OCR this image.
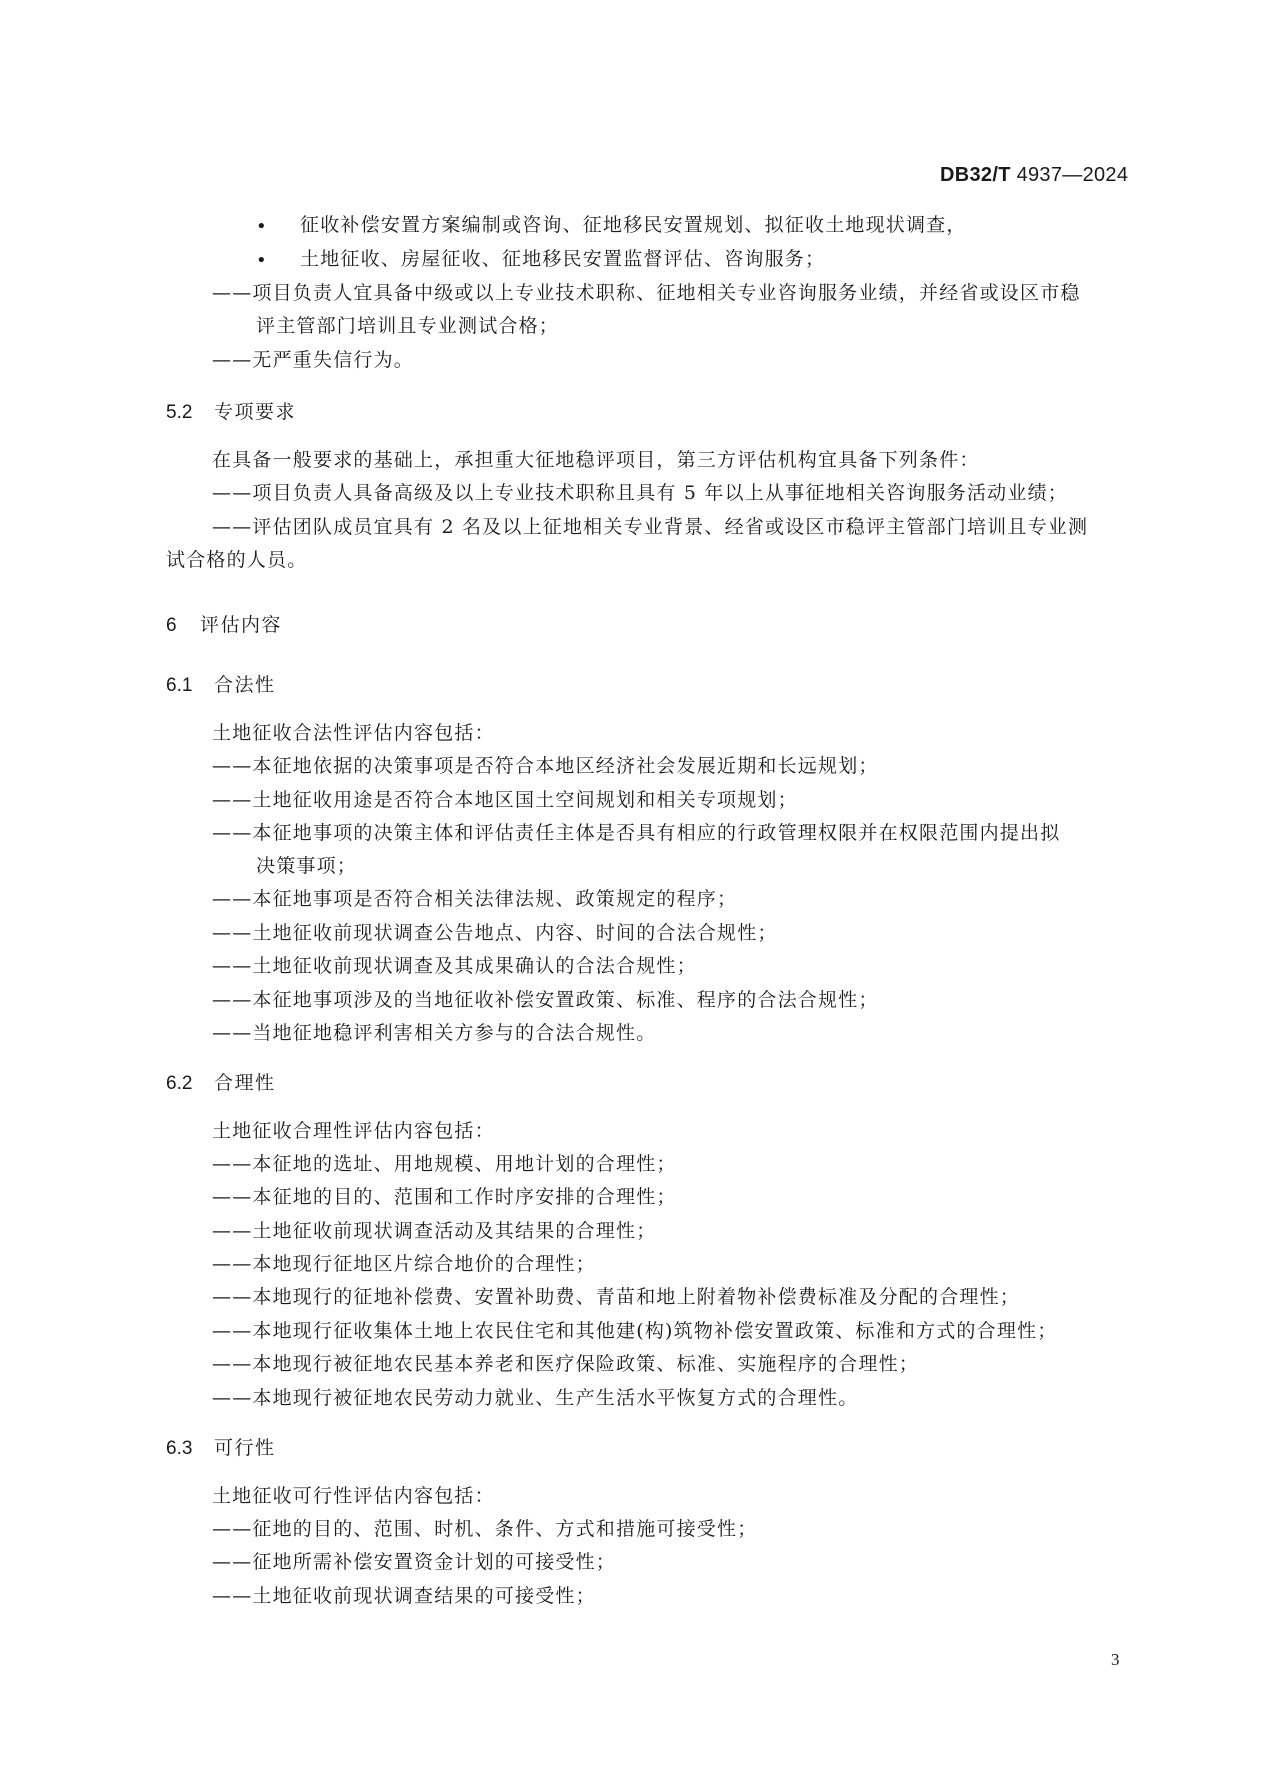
DB32/T 4937—2024
• 征收补偿安置方案编制或咨询、征地移民安置规划、拟征收土地现状调查，
• 土地征收、房屋征收、征地移民安置监督评估、咨询服务；
——项目负责人宜具备中级或以上专业技术职称、征地相关专业咨询服务业绩，并经省或设区市稳
评主管部门培训且专业测试合格；
——无严重失信行为。
5.2 专项要求
在具备一般要求的基础上，承担重大征地稳评项目，第三方评估机构宜具备下列条件：
——项目负责人具备高级及以上专业技术职称且具有 5 年以上从事征地相关咨询服务活动业绩；
——评估团队成员宜具有 2 名及以上征地相关专业背景、经省或设区市稳评主管部门培训且专业测
试合格的人员。
6 评估内容
6.1 合法性
土地征收合法性评估内容包括：
——本征地依据的决策事项是否符合本地区经济社会发展近期和长远规划；
——土地征收用途是否符合本地区国土空间规划和相关专项规划；
——本征地事项的决策主体和评估责任主体是否具有相应的行政管理权限并在权限范围内提出拟
决策事项；
——本征地事项是否符合相关法律法规、政策规定的程序；
——土地征收前现状调查公告地点、内容、时间的合法合规性；
——土地征收前现状调查及其成果确认的合法合规性；
——本征地事项涉及的当地征收补偿安置政策、标准、程序的合法合规性；
——当地征地稳评利害相关方参与的合法合规性。
6.2 合理性
土地征收合理性评估内容包括：
——本征地的选址、用地规模、用地计划的合理性；
——本征地的目的、范围和工作时序安排的合理性；
——土地征收前现状调查活动及其结果的合理性；
——本地现行征地区片综合地价的合理性；
——本地现行的征地补偿费、安置补助费、青苗和地上附着物补偿费标准及分配的合理性；
——本地现行征收集体土地上农民住宅和其他建(构)筑物补偿安置政策、标准和方式的合理性；
——本地现行被征地农民基本养老和医疗保险政策、标准、实施程序的合理性；
——本地现行被征地农民劳动力就业、生产生活水平恢复方式的合理性。
6.3 可行性
土地征收可行性评估内容包括：
——征地的目的、范围、时机、条件、方式和措施可接受性；
——征地所需补偿安置资金计划的可接受性；
——土地征收前现状调查结果的可接受性；
3
